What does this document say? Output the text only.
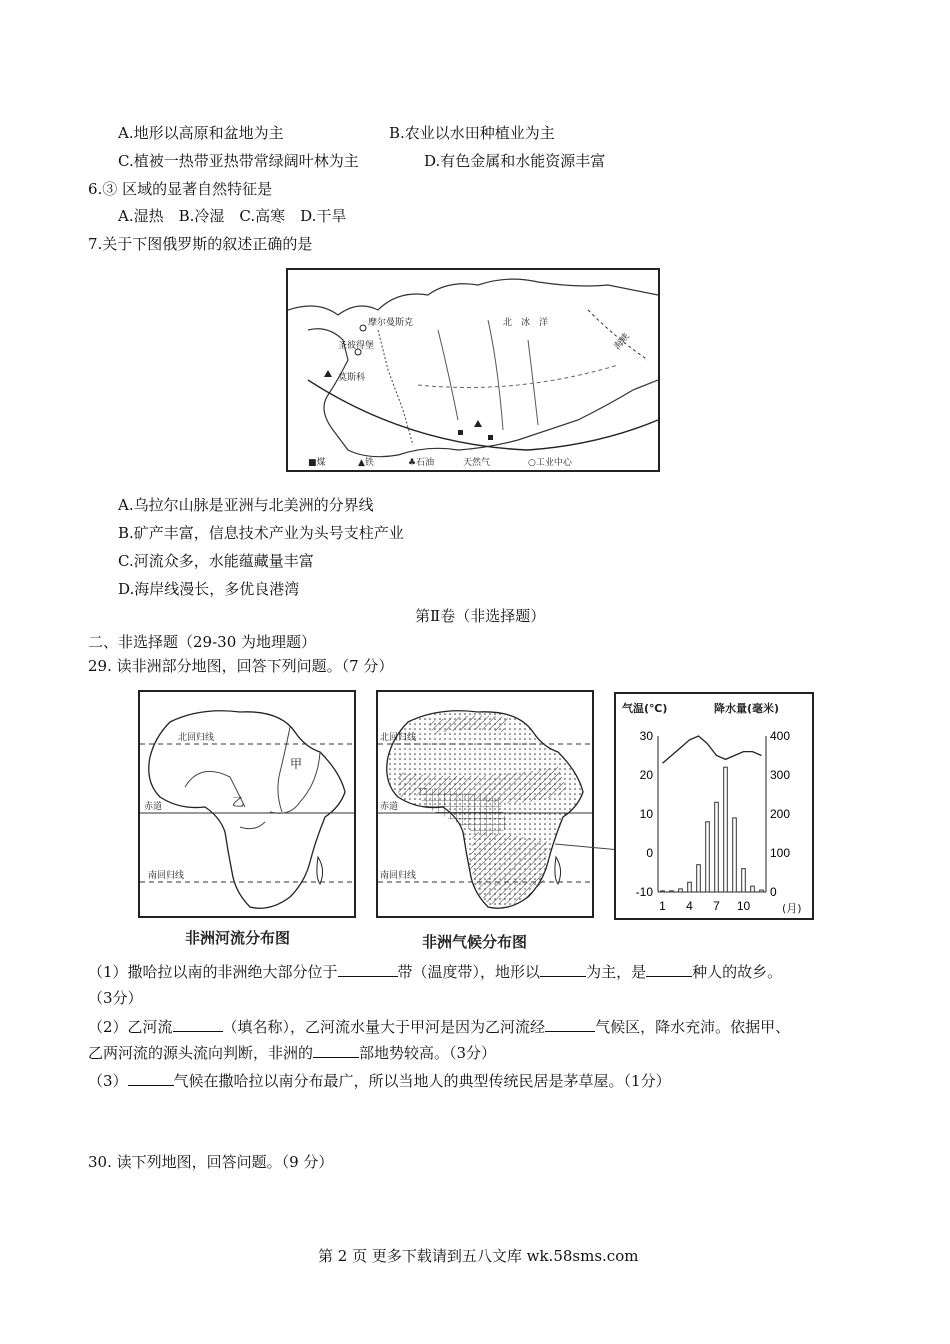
A.地形以高原和盆地为主	B.农业以水田种植业为主
C.植被一热带亚热带常绿阔叶林为主	D.有色金属和水能资源丰富
6.③ 区域的显著自然特征是
A.湿热　B.冷湿　C.高寒　D.干旱
7.关于下图俄罗斯的叙述正确的是
北　冰　洋
摩尔曼斯克
圣彼得堡
莫斯科
海峡
■煤	▲铁	♣石油	天然气	○工业中心
A.乌拉尔山脉是亚洲与北美洲的分界线
B.矿产丰富，信息技术产业为头号支柱产业
C.河流众多，水能蕴藏量丰富
D.海岸线漫长，多优良港湾
第Ⅱ卷（非选择题）
二、非选择题（29-30 为地理题）
29. 读非洲部分地图，回答下列问题。（7 分）
北回归线
赤道
南回归线
甲
乙
非洲河流分布图
北回归线
赤道
南回归线
非洲气候分布图
气温(℃)	降水量(毫米)
(月)
30
20
10
0
-10
400
300
200
100
0
1 4 7 10
（1）撒哈拉以南的非洲绝大部分位于	带（温度带），地形以	为主，是	种人的故乡。
（3分）
（2）乙河流	（填名称），乙河流水量大于甲河是因为乙河流经	气候区，降水充沛。依据甲、
乙两河流的源头流向判断，非洲的	部地势较高。（3分）
（3）	气候在撒哈拉以南分布最广，所以当地人的典型传统民居是茅草屋。（1分）
30. 读下列地图，回答问题。（9 分）
第 2 页 更多下载请到五八文库 wk.58sms.com
